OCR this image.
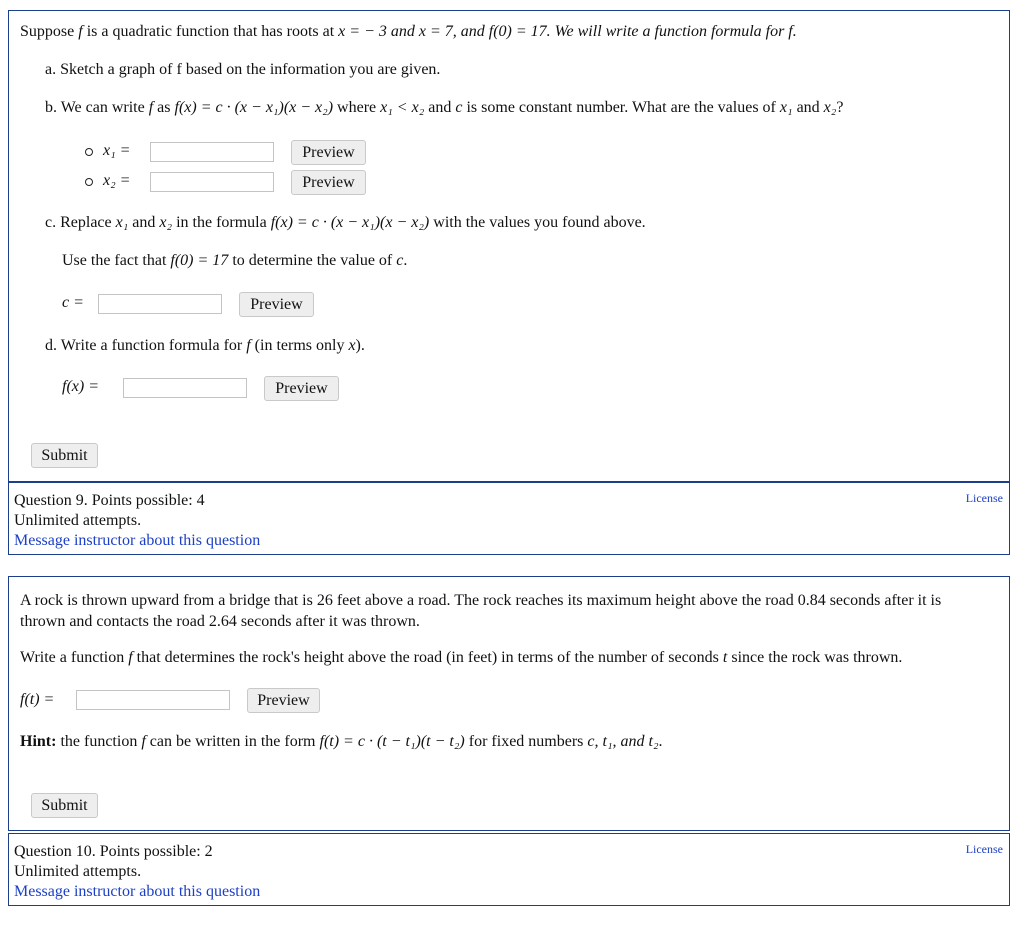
Suppose f is a quadratic function that has roots at x = − 3 and x = 7, and f(0) = 17. We will write a function formula for f.
a. Sketch a graph of f based on the information you are given.
b. We can write f as f(x) = c · (x − x₁)(x − x₂) where x₁ < x₂ and c is some constant number. What are the values of x₁ and x₂?
x₁ =	Preview
x₂ =	Preview
c. Replace x₁ and x₂ in the formula f(x) = c · (x − x₁)(x − x₂) with the values you found above.
Use the fact that f(0) = 17 to determine the value of c.
c =	Preview
d. Write a function formula for f (in terms only x).
f(x) =	Preview
Submit
Question 9. Points possible: 4
Unlimited attempts.
Message instructor about this question
License
A rock is thrown upward from a bridge that is 26 feet above a road. The rock reaches its maximum height above the road 0.84 seconds after it is
thrown and contacts the road 2.64 seconds after it was thrown.
Write a function f that determines the rock's height above the road (in feet) in terms of the number of seconds t since the rock was thrown.
f(t) =	Preview
Hint: the function f can be written in the form f(t) = c · (t − t₁)(t − t₂) for fixed numbers c, t₁, and t₂.
Submit
Question 10. Points possible: 2
Unlimited attempts.
Message instructor about this question
License
